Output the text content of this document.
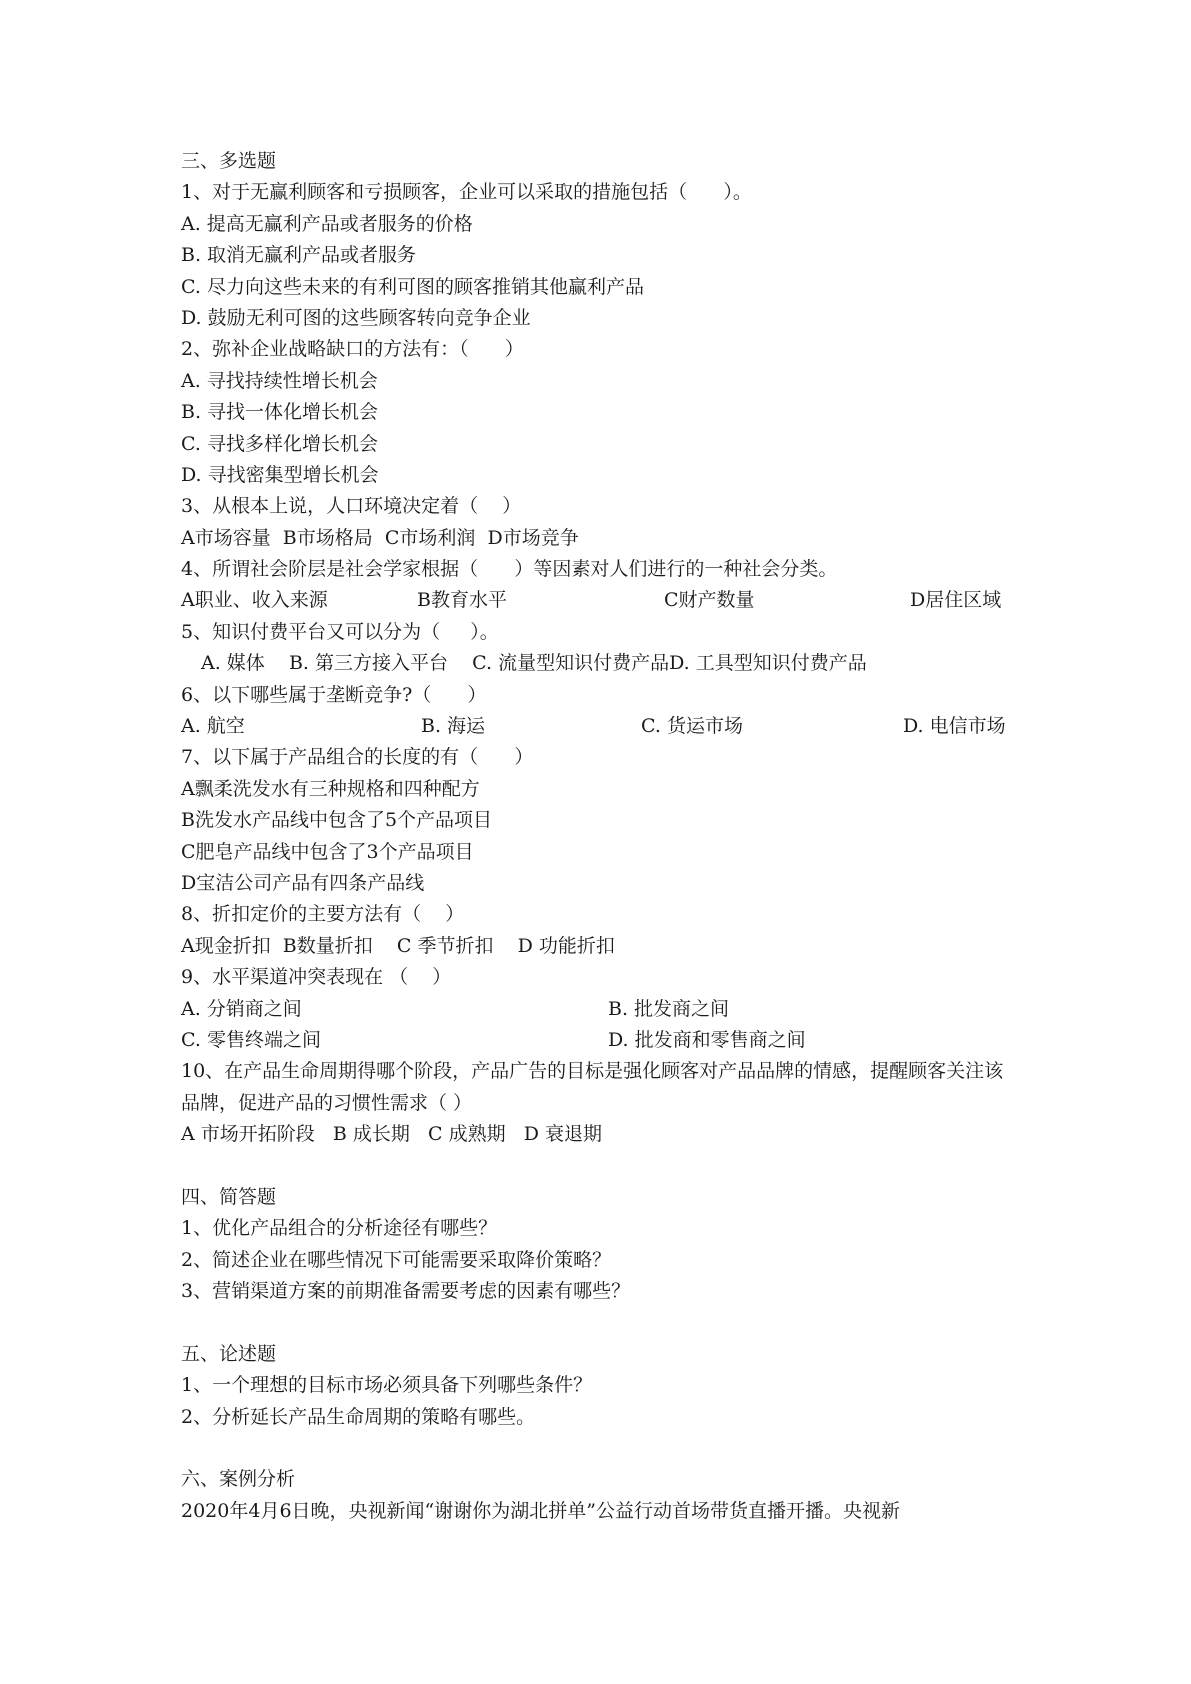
三、多选题
1、对于无赢利顾客和亏损顾客，企业可以采取的措施包括（      ）。
A. 提高无赢利产品或者服务的价格
B. 取消无赢利产品或者服务
C. 尽力向这些未来的有利可图的顾客推销其他赢利产品
D. 鼓励无利可图的这些顾客转向竞争企业
2、弥补企业战略缺口的方法有：（      ）
A. 寻找持续性增长机会
B. 寻找一体化增长机会
C. 寻找多样化增长机会
D. 寻找密集型增长机会
3、从根本上说，人口环境决定着（    ）
A市场容量  B市场格局  C市场利润  D市场竞争
4、所谓社会阶层是社会学家根据（      ）等因素对人们进行的一种社会分类。
A职业、收入来源	B教育水平	C财产数量	D居住区域
5、知识付费平台又可以分为（     ）。
A. 媒体    B. 第三方接入平台    C. 流量型知识付费产品D. 工具型知识付费产品
6、以下哪些属于垄断竞争?（      ）
A. 航空	B. 海运	C. 货运市场	D. 电信市场
7、以下属于产品组合的长度的有（      ）
A飘柔洗发水有三种规格和四种配方
B洗发水产品线中包含了5个产品项目
C肥皂产品线中包含了3个产品项目
D宝洁公司产品有四条产品线
8、折扣定价的主要方法有（    ）
A现金折扣  B数量折扣    C 季节折扣    D 功能折扣
9、水平渠道冲突表现在 （    ）
A. 分销商之间	B. 批发商之间
C. 零售终端之间	D. 批发商和零售商之间
10、在产品生命周期得哪个阶段，产品广告的目标是强化顾客对产品品牌的情感，提醒顾客关注该品牌，促进产品的习惯性需求（ ）
A 市场开拓阶段   B 成长期   C 成熟期   D 衰退期
四、简答题
1、优化产品组合的分析途径有哪些？
2、简述企业在哪些情况下可能需要采取降价策略？
3、营销渠道方案的前期准备需要考虑的因素有哪些？
五、论述题
1、一个理想的目标市场必须具备下列哪些条件？
2、分析延长产品生命周期的策略有哪些。
六、案例分析
2020年4月6日晚，央视新闻“谢谢你为湖北拼单”公益行动首场带货直播开播。央视新
